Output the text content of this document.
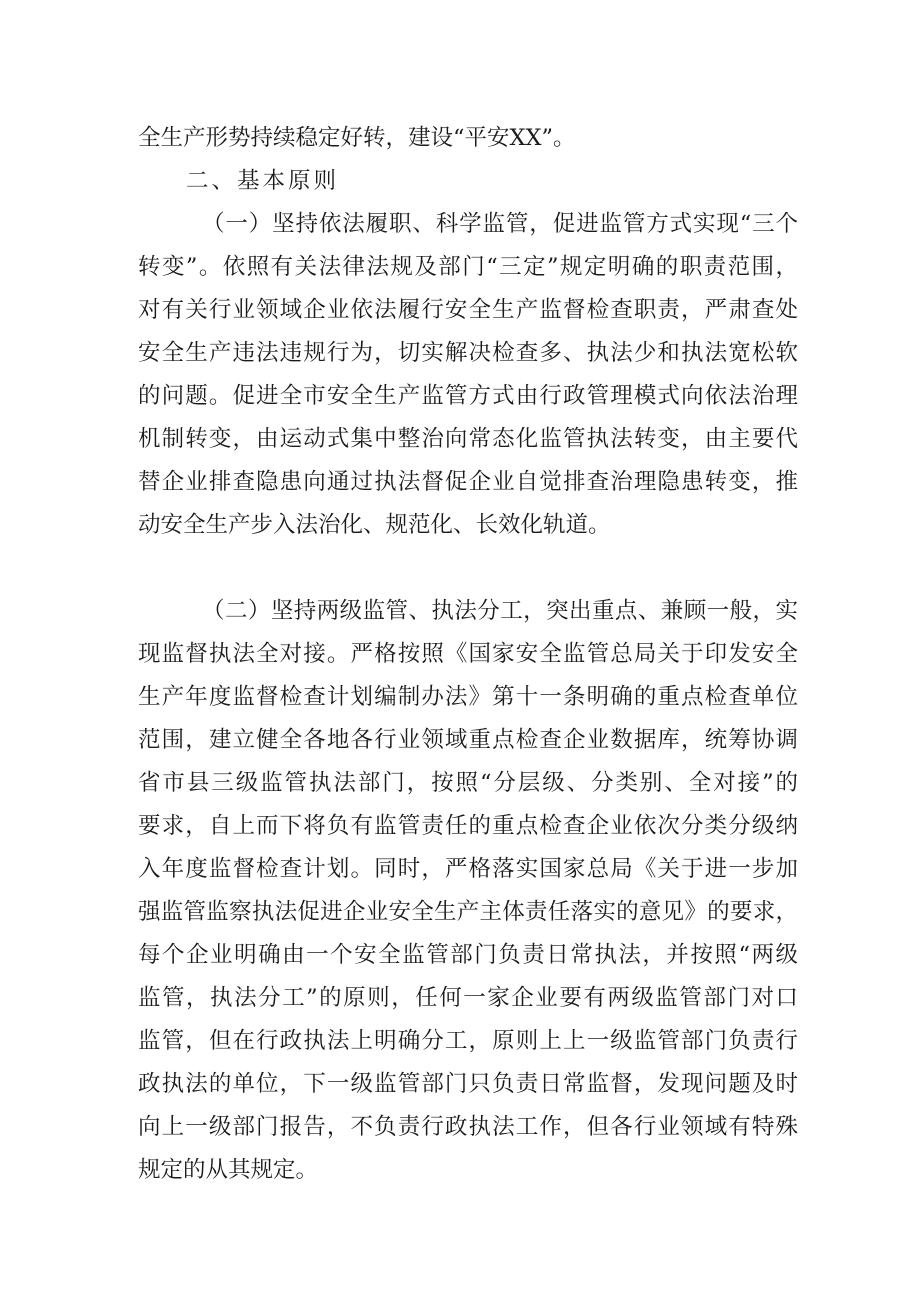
全生产形势持续稳定好转，建设“平安XX”。
二、基本原则
（一）坚持依法履职、科学监管，促进监管方式实现“三个
转变”。依照有关法律法规及部门“三定”规定明确的职责范围，
对有关行业领域企业依法履行安全生产监督检查职责，严肃查处
安全生产违法违规行为，切实解决检查多、执法少和执法宽松软
的问题。促进全市安全生产监管方式由行政管理模式向依法治理
机制转变，由运动式集中整治向常态化监管执法转变，由主要代
替企业排查隐患向通过执法督促企业自觉排查治理隐患转变，推
动安全生产步入法治化、规范化、长效化轨道。
（二）坚持两级监管、执法分工，突出重点、兼顾一般，实
现监督执法全对接。严格按照《国家安全监管总局关于印发安全
生产年度监督检查计划编制办法》第十一条明确的重点检查单位
范围，建立健全各地各行业领域重点检查企业数据库，统筹协调
省市县三级监管执法部门，按照“分层级、分类别、全对接”的
要求，自上而下将负有监管责任的重点检查企业依次分类分级纳
入年度监督检查计划。同时，严格落实国家总局《关于进一步加
强监管监察执法促进企业安全生产主体责任落实的意见》的要求，
每个企业明确由一个安全监管部门负责日常执法，并按照“两级
监管，执法分工”的原则，任何一家企业要有两级监管部门对口
监管，但在行政执法上明确分工，原则上上一级监管部门负责行
政执法的单位，下一级监管部门只负责日常监督，发现问题及时
向上一级部门报告，不负责行政执法工作，但各行业领域有特殊
规定的从其规定。
